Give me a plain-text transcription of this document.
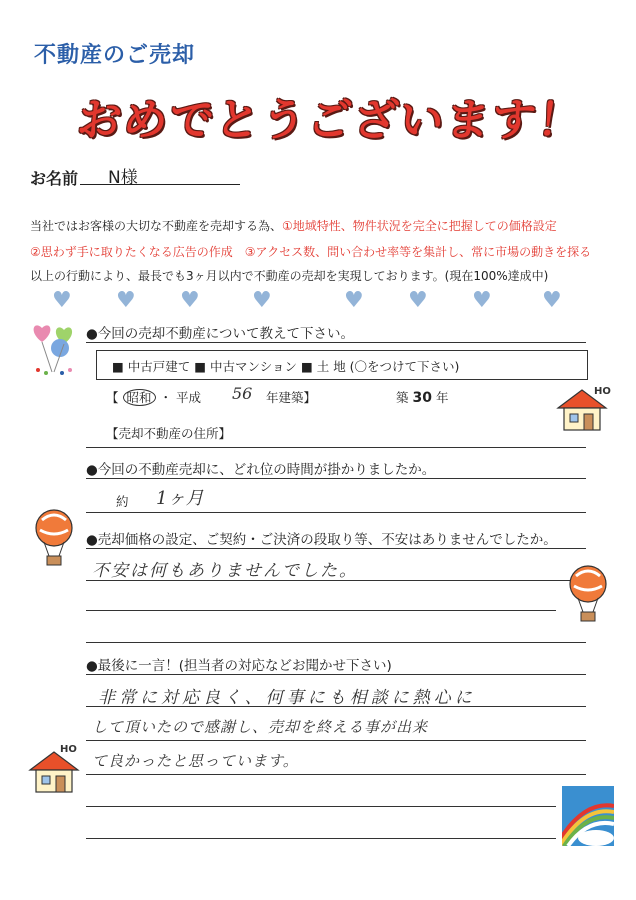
不動産のご売却
おめでとうございます！
お名前 N様
当社ではお客様の大切な不動産を売却する為、①地域特性、物件状況を完全に把握しての価格設定
②思わず手に取りたくなる広告の作成　③アクセス数、問い合わせ率等を集計し、常に市場の動きを探る
以上の行動により、最長でも3ヶ月以内で不動産の売却を実現しております。(現在100%達成中)
♥ ♥ ♥ ♥	♥ ♥ ♥ ♥
●今回の売却不動産について教えて下さい。
■ 中古戸建て ■ 中古マンション ■ 土 地 (〇をつけて下さい)
【 昭和 ・ 平成 56 年建築】	築 30 年
【売却不動産の住所】
HO
●今回の不動産売却に、どれ位の時間が掛かりましたか。
約 1ヶ月
●売却価格の設定、ご契約・ご決済の段取り等、不安はありませんでしたか。
不安は何もありませんでした。
●最後に一言！(担当者の対応などお聞かせ下さい)
非常に対応良く、何事にも相談に熱心に
して頂いたので感謝し、売却を終える事が出来
て良かったと思っています。
HO
